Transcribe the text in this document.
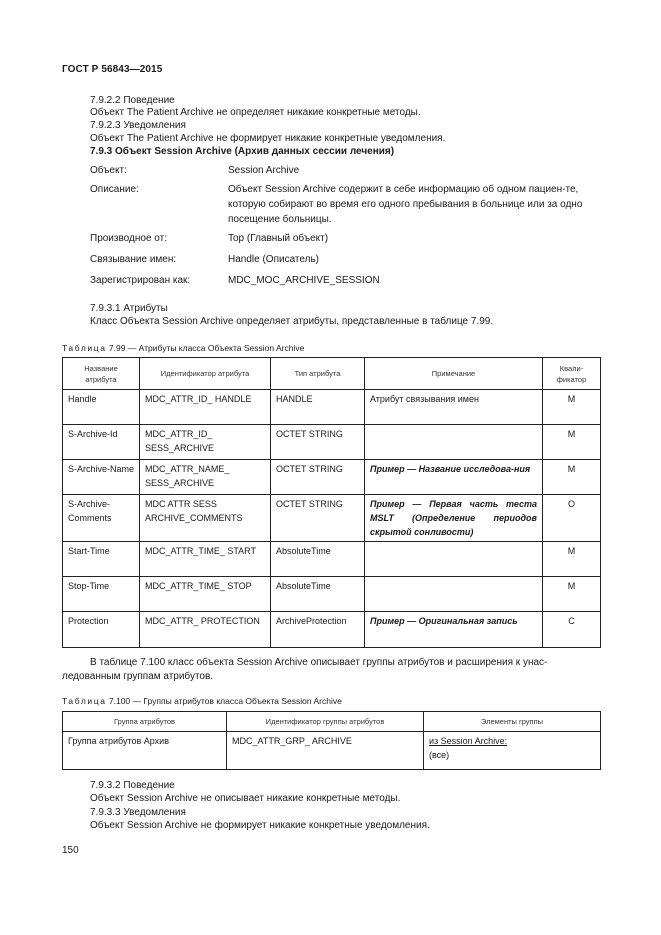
ГОСТ Р 56843—2015
7.9.2.2 Поведение
Объект The Patient Archive не определяет никакие конкретные методы.
7.9.2.3 Уведомления
Объект The Patient Archive не формирует никакие конкретные уведомления.
7.9.3 Объект Session Archive (Архив данных сессии лечения)
Объект:	Session Archive
Описание:	Объект Session Archive содержит в себе информацию об одном пациен-те, которую собирают во время его одного пребывания в больнице или за одно посещение больницы.
Производное от:	Top (Главный объект)
Связывание имен:	Handle (Описатель)
Зарегистрирован как:	MDC_MOC_ARCHIVE_SESSION
7.9.3.1 Атрибуты
Класс Объекта Session Archive определяет атрибуты, представленные в таблице 7.99.
Таблица 7.99 — Атрибуты класса Объекта Session Archive
Название атрибута	Идентификатор атрибута	Тип атрибута	Примечание	Квали-фикатор
Handle	MDC_ATTR_ID_ HANDLE	HANDLE	Атрибут связывания имен	M
S-Archive-Id	MDC_ATTR_ID_ SESS_ARCHIVE	OCTET STRING		M
S-Archive-Name	MDC_ATTR_NAME_ SESS_ARCHIVE	OCTET STRING	Пример — Название исследова-ния	M
S-Archive-Comments	MDC ATTR SESS ARCHIVE_COMMENTS	OCTET STRING	Пример — Первая часть теста MSLT (Определение периодов скрытой сонливости)	O
Start-Time	MDC_ATTR_TIME_ START	AbsoluteTime		M
Stop-Time	MDC_ATTR_TIME_ STOP	AbsoluteTime		M
Protection	MDC_ATTR_ PROTECTION	ArchiveProtection	Пример — Оригинальная запись	C
В таблице 7.100 класс объекта Session Archive описывает группы атрибутов и расширения к унас-ледованным группам атрибутов.
Таблица 7.100 — Группы атрибутов класса Объекта Session Archive
Группа атрибутов	Идентификатор группы атрибутов	Элементы группы
Группа атрибутов Архив	MDC_ATTR_GRP_ ARCHIVE	из Session Archive:
(все)
7.9.3.2 Поведение
Объект Session Archive не описывает никакие конкретные методы.
7.9.3.3 Уведомления
Объект Session Archive не формирует никакие конкретные уведомления.
150
